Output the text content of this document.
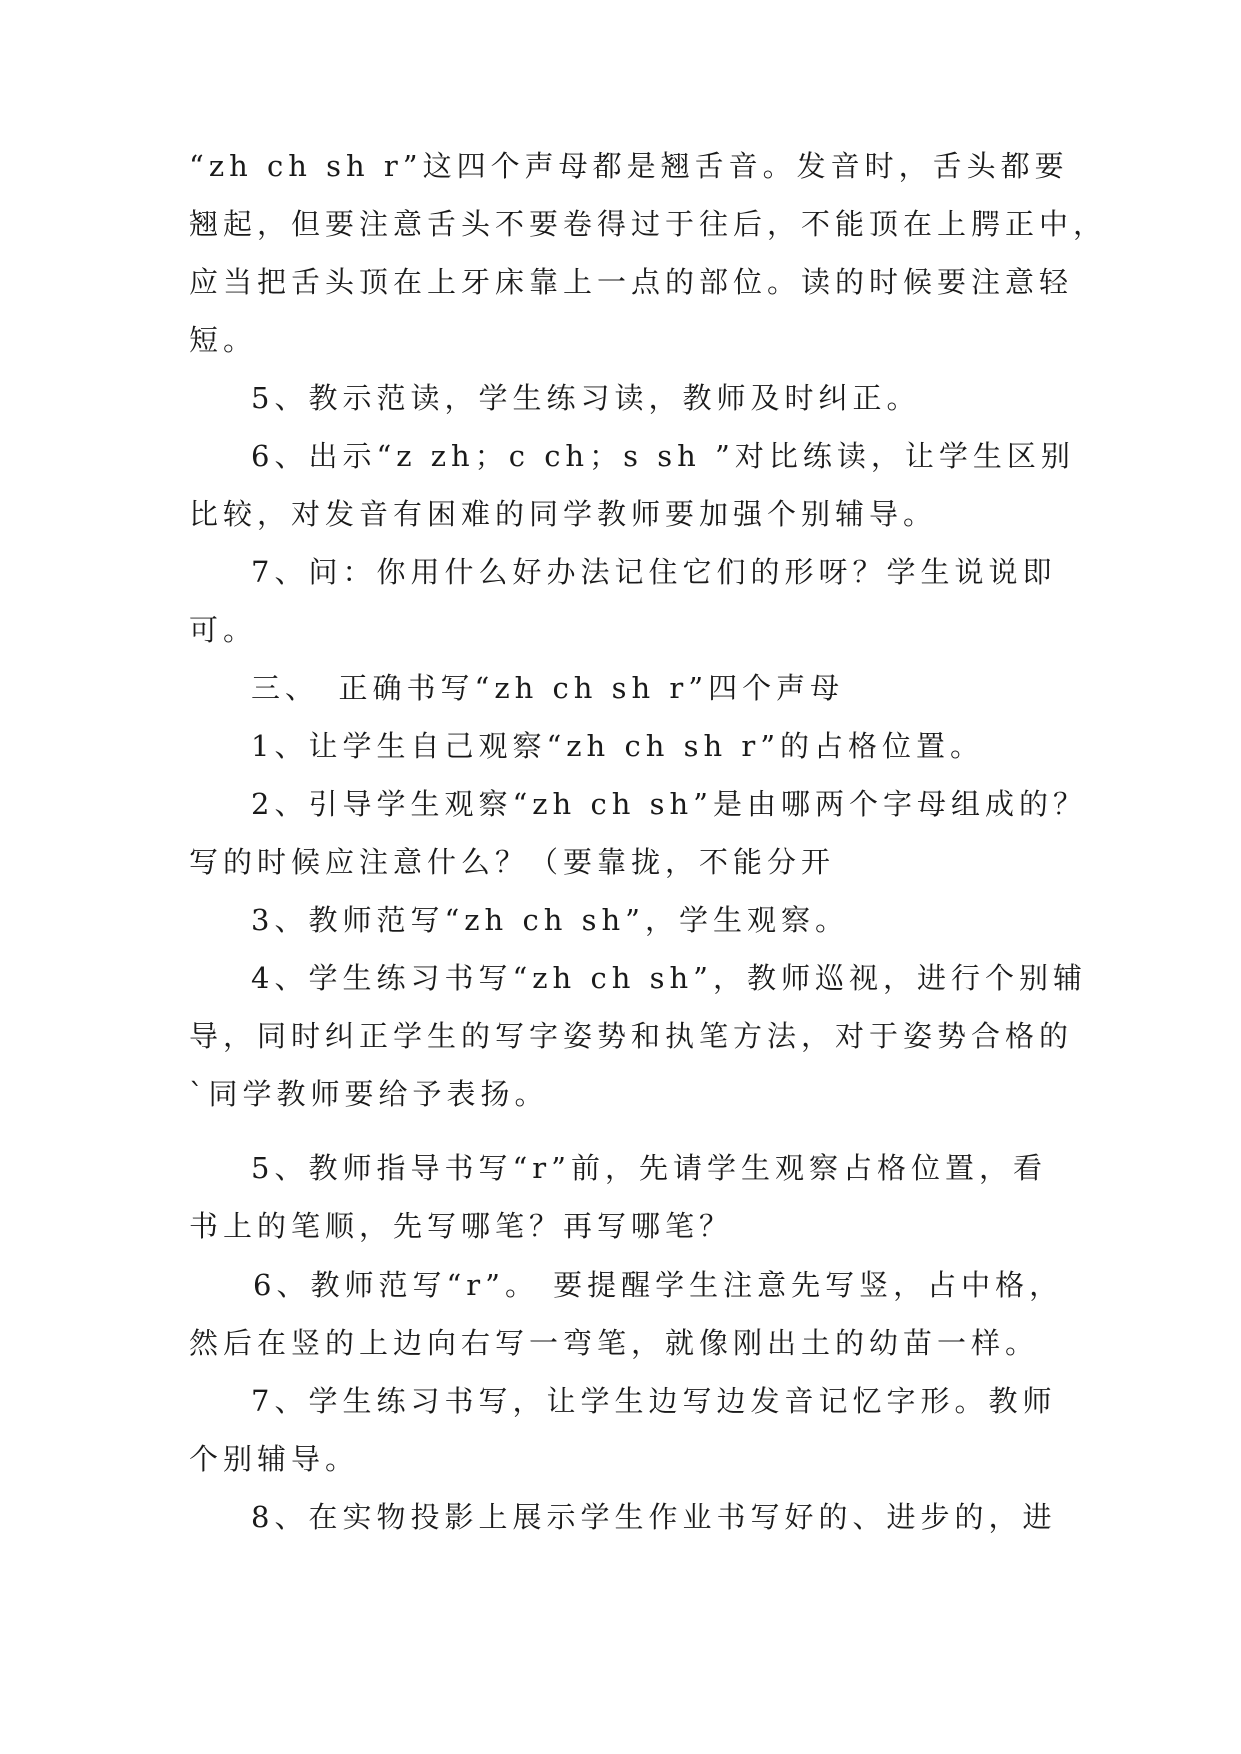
“zh ch sh r”这四个声母都是翘舌音。发音时，舌头都要
翘起，但要注意舌头不要卷得过于往后，不能顶在上腭正中，
应当把舌头顶在上牙床靠上一点的部位。读的时候要注意轻
短。
5、教示范读，学生练习读，教师及时纠正。
6、出示“z zh；c ch；s sh ”对比练读，让学生区别
比较，对发音有困难的同学教师要加强个别辅导。
7、问：你用什么好办法记住它们的形呀？学生说说即
可。
三、　正确书写“zh ch sh r”四个声母
1、让学生自己观察“zh ch sh r”的占格位置。
2、引导学生观察“zh ch sh”是由哪两个字母组成的？
写的时候应注意什么？（要靠拢，不能分开
3、教师范写“zh ch sh”，学生观察。
4、学生练习书写“zh ch sh”，教师巡视，进行个别辅
导，同时纠正学生的写字姿势和执笔方法，对于姿势合格的
`同学教师要给予表扬。
5、教师指导书写“r”前，先请学生观察占格位置，看
书上的笔顺，先写哪笔？再写哪笔？
6、教师范写“r”。 要提醒学生注意先写竖，占中格，
然后在竖的上边向右写一弯笔，就像刚出土的幼苗一样。
7、学生练习书写，让学生边写边发音记忆字形。教师
个别辅导。
8、在实物投影上展示学生作业书写好的、进步的，进
